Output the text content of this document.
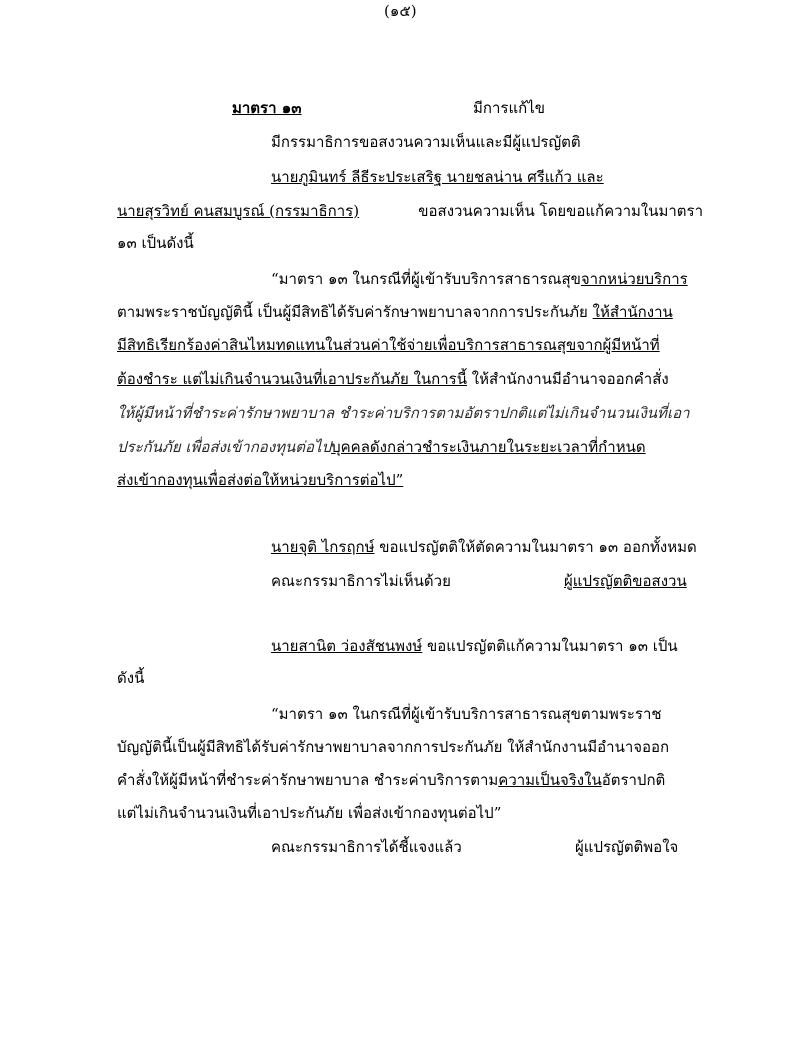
(๑๕)
มาตรา ๑๓	มีการแก้ไข
มีกรรมาธิการขอสงวนความเห็นและมีผู้แปรญัตติ
นายภูมินทร์ ลีธีระประเสริฐ นายชลน่าน ศรีแก้ว และ
นายสุรวิทย์ คนสมบูรณ์ (กรรมาธิการ)	ขอสงวนความเห็น โดยขอแก้ความในมาตรา
๑๓ เป็นดังนี้
“มาตรา ๑๓ ในกรณีที่ผู้เข้ารับบริการสาธารณสุขจากหน่วยบริการ
ตามพระราชบัญญัตินี้ เป็นผู้มีสิทธิได้รับค่ารักษาพยาบาลจากการประกันภัย ให้สำนักงาน
มีสิทธิเรียกร้องค่าสินไหมทดแทนในส่วนค่าใช้จ่ายเพื่อบริการสาธารณสุขจากผู้มีหน้าที่
ต้องชำระ แต่ไม่เกินจำนวนเงินที่เอาประกันภัย ในการนี้ ให้สำนักงานมีอำนาจออกคำสั่ง
ให้ผู้มีหน้าที่ชำระค่ารักษาพยาบาล ชำระค่าบริการตามอัตราปกติแต่ไม่เกินจำนวนเงินที่เอา
ประกันภัย เพื่อส่งเข้ากองทุนต่อไปบุคคลดังกล่าวชำระเงินภายในระยะเวลาที่กำหนด
ส่งเข้ากองทุนเพื่อส่งต่อให้หน่วยบริการต่อไป”
นายจุติ ไกรฤกษ์ ขอแปรญัตติให้ตัดความในมาตรา ๑๓ ออกทั้งหมด
คณะกรรมาธิการไม่เห็นด้วย	ผู้แปรญัตติขอสงวน
นายสานิต ว่องสัชนพงษ์ ขอแปรญัตติแก้ความในมาตรา ๑๓ เป็น
ดังนี้
“มาตรา ๑๓ ในกรณีที่ผู้เข้ารับบริการสาธารณสุขตามพระราช
บัญญัตินี้เป็นผู้มีสิทธิได้รับค่ารักษาพยาบาลจากการประกันภัย ให้สำนักงานมีอำนาจออก
คำสั่งให้ผู้มีหน้าที่ชำระค่ารักษาพยาบาล ชำระค่าบริการตามความเป็นจริงในอัตราปกติ
แต่ไม่เกินจำนวนเงินที่เอาประกันภัย เพื่อส่งเข้ากองทุนต่อไป”
คณะกรรมาธิการได้ชี้แจงแล้ว	ผู้แปรญัตติพอใจ
